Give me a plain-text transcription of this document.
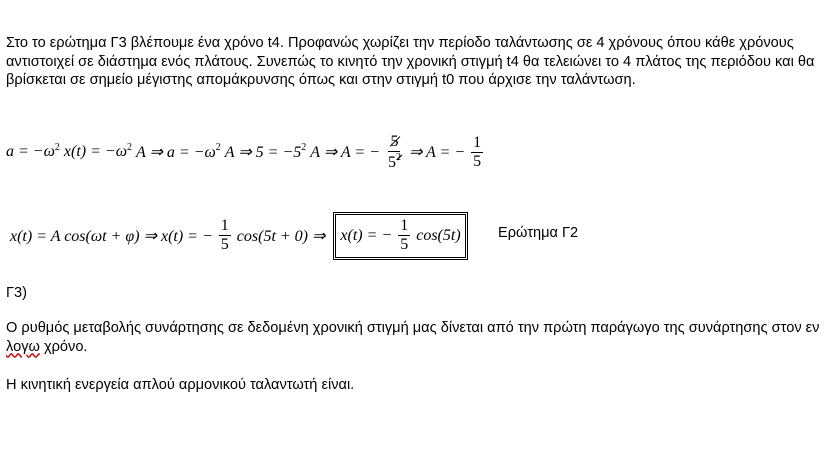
Στο το ερώτημα Γ3 βλέπουμε ένα χρόνο t4. Προφανώς χωρίζει την περίοδο ταλάντωσης σε 4 χρόνους όπου κάθε χρόνους αντιστοιχεί σε διάστημα ενός πλάτους. Συνεπώς το κινητό την χρονική στιγμή t4 θα τελειώνει το 4 πλάτος της περιόδου και θα βρίσκεται σε σημείο μέγιστης απομάκρυνσης όπως και στην στιγμή t0 που άρχισε την ταλάντωση.

$a = -\omega^2$ $x(t) = -\omega^2$ A ⇒ $a = -\omega^2$ A ⇒ $5 = -5^2$ A ⇒ A = − $\frac{5}{5^2}$ ⇒ A = − $\frac{1}{5}$
x(t) = A cos(ωt + φ) ⇒ x(t) = − $\frac{1}{5} \cos(5t + 0)$ ⇒ x(t) = − $\frac{1}{5} \cos(5t)$	Ερώτημα Γ2

Γ3)

Ο ρυθμός μεταβολής συνάρτησης σε δεδομένη χρονική στιγμή μας δίνεται από την πρώτη παράγωγο της συνάρτησης στον εν λογω χρόνο.

Η κινητική ενεργεία απλού αρμονικού ταλαντωτή είναι.
